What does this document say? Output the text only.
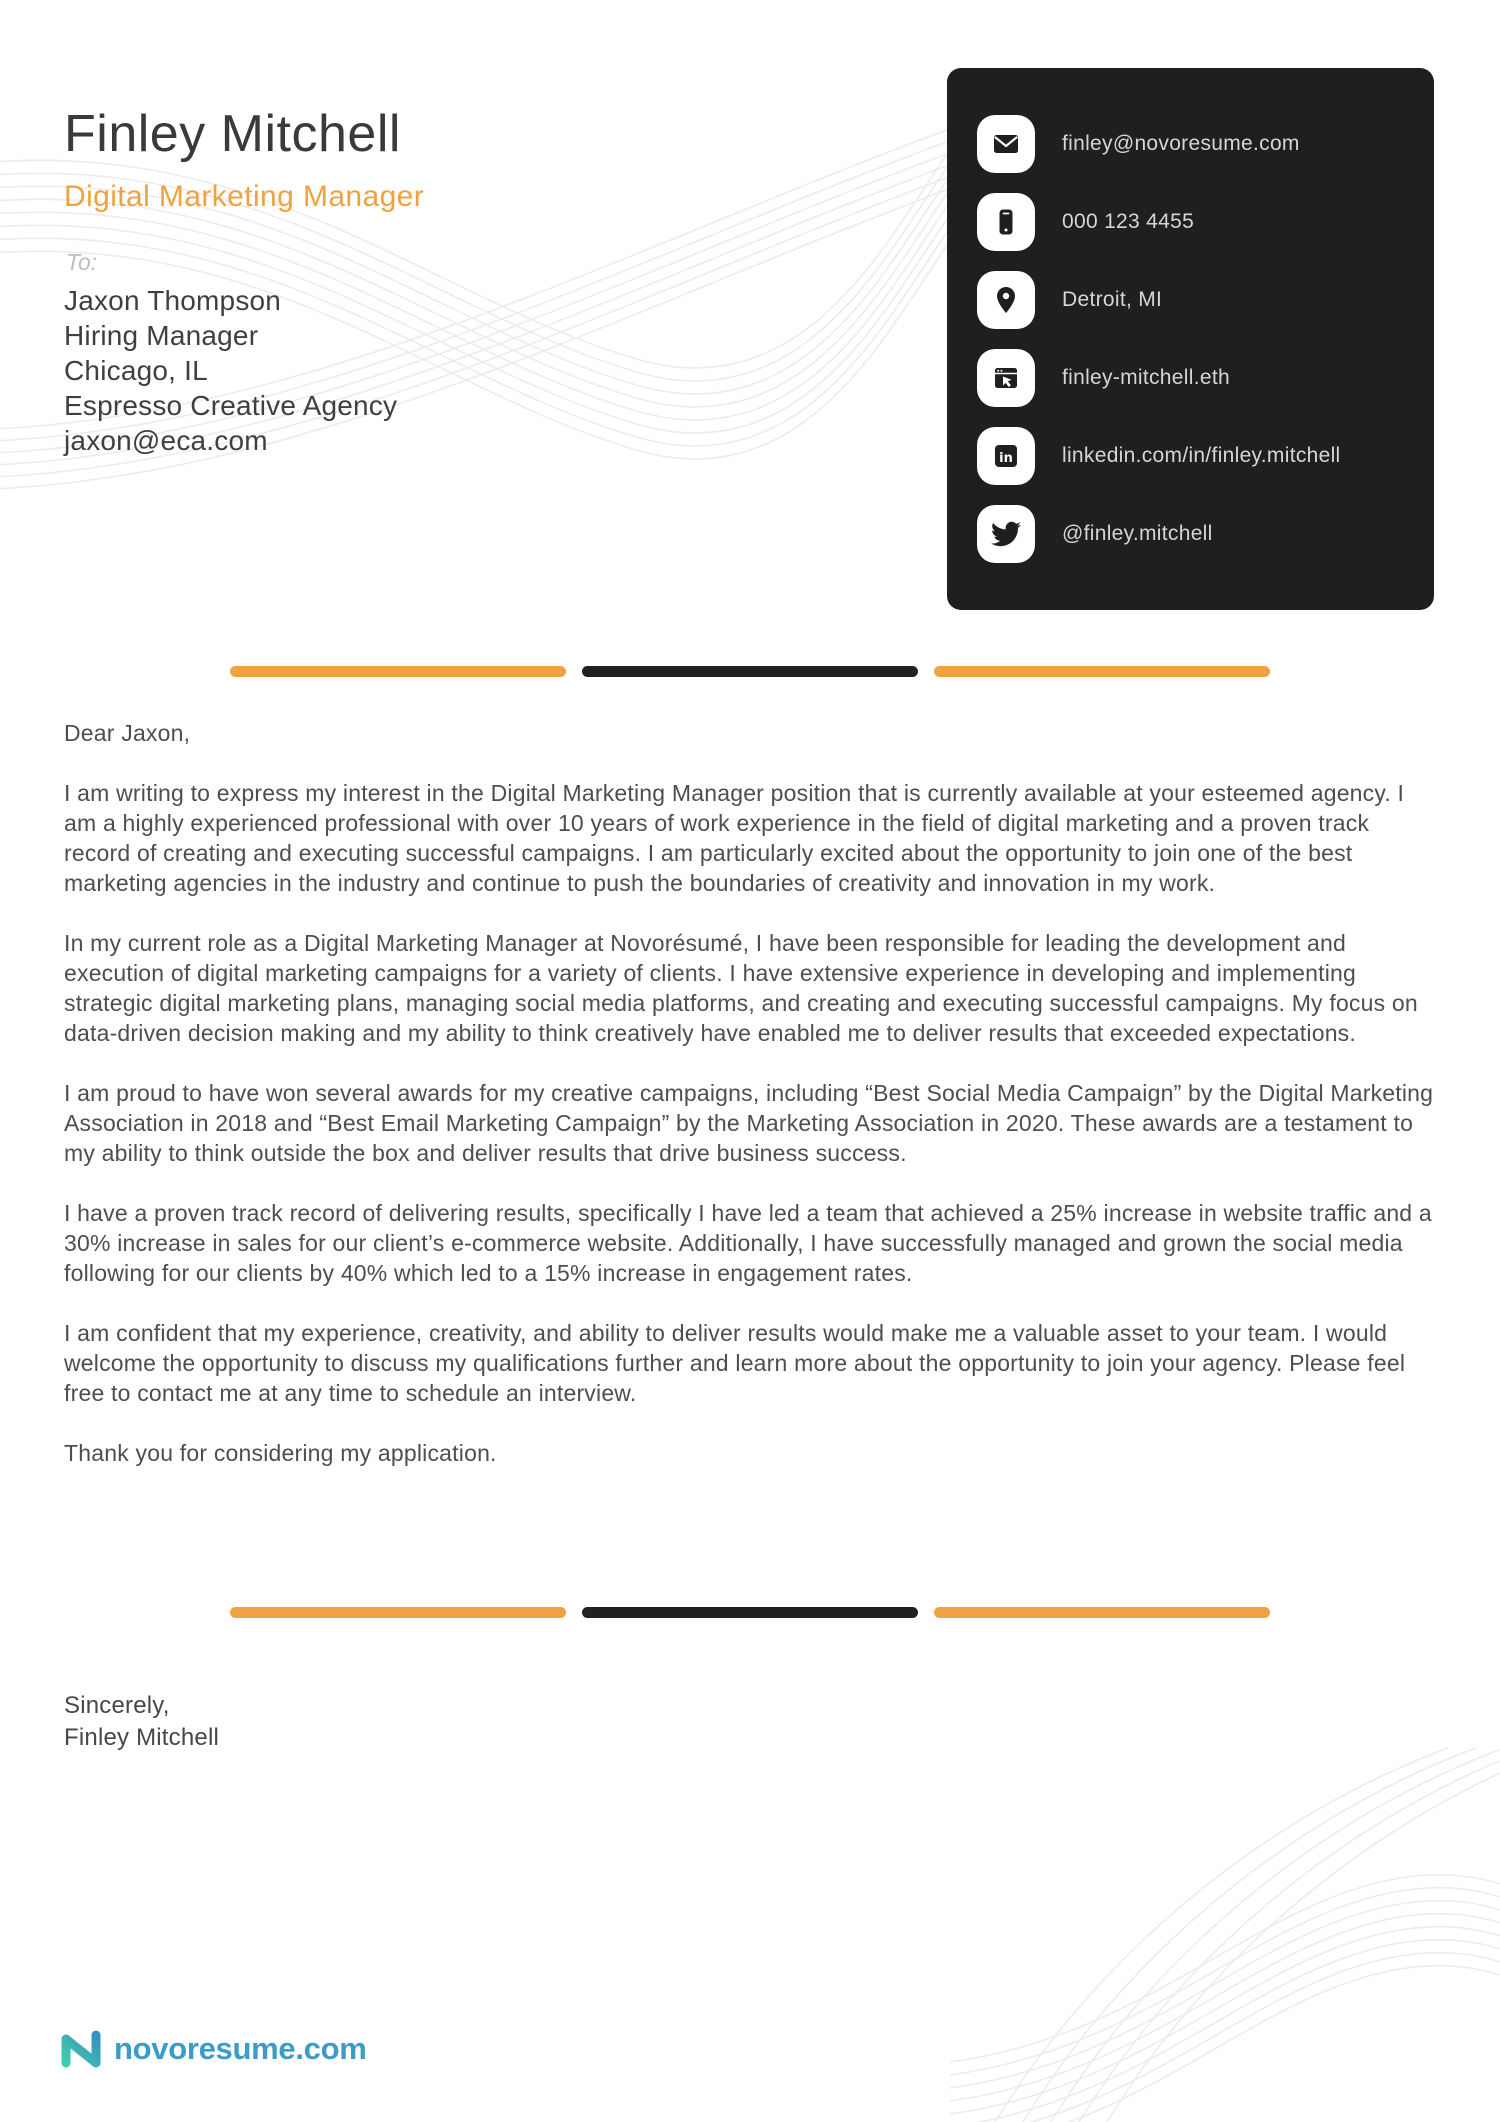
Finley Mitchell
Digital Marketing Manager
To:
Jaxon Thompson
Hiring Manager
Chicago, IL
Espresso Creative Agency
jaxon@eca.com
finley@novoresume.com
000 123 4455
Detroit, MI
finley-mitchell.eth
in linkedin.com/in/finley.mitchell
@finley.mitchell

Dear Jaxon,

I am writing to express my interest in the Digital Marketing Manager position that is currently available at your esteemed agency. I am a highly experienced professional with over 10 years of work experience in the field of digital marketing and a proven track record of creating and executing successful campaigns. I am particularly excited about the opportunity to join one of the best marketing agencies in the industry and continue to push the boundaries of creativity and innovation in my work.

In my current role as a Digital Marketing Manager at Novorésumé, I have been responsible for leading the development and execution of digital marketing campaigns for a variety of clients. I have extensive experience in developing and implementing strategic digital marketing plans, managing social media platforms, and creating and executing successful campaigns. My focus on data-driven decision making and my ability to think creatively have enabled me to deliver results that exceeded expectations.

I am proud to have won several awards for my creative campaigns, including “Best Social Media Campaign” by the Digital Marketing Association in 2018 and “Best Email Marketing Campaign” by the Marketing Association in 2020. These awards are a testament to my ability to think outside the box and deliver results that drive business success.

I have a proven track record of delivering results, specifically I have led a team that achieved a 25% increase in website traffic and a 30% increase in sales for our client’s e-commerce website. Additionally, I have successfully managed and grown the social media following for our clients by 40% which led to a 15% increase in engagement rates.

I am confident that my experience, creativity, and ability to deliver results would make me a valuable asset to your team. I would welcome the opportunity to discuss my qualifications further and learn more about the opportunity to join your agency. Please feel free to contact me at any time to schedule an interview.

Thank you for considering my application.

Sincerely,
Finley Mitchell
novoresume.com
